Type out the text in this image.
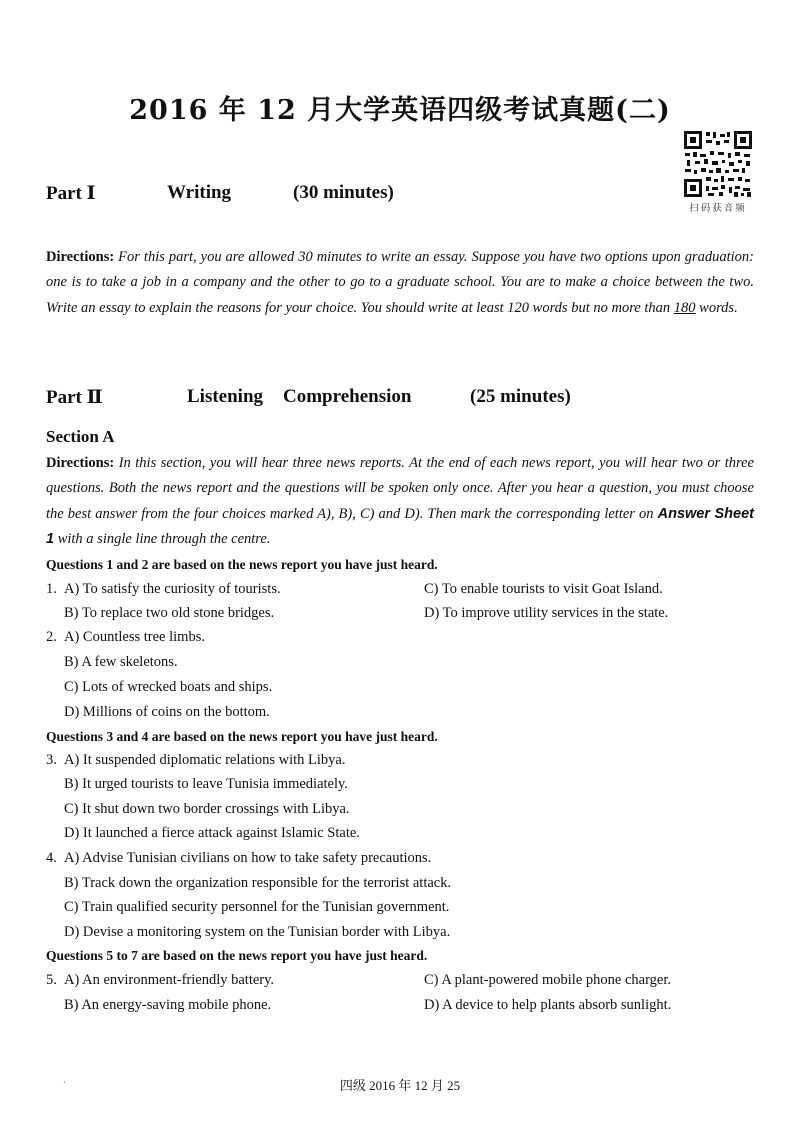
2016 年 12 月大学英语四级考试真题(二)
扫码获音频
Part Ⅰ	Writing	(30 minutes)
Directions: For this part, you are allowed 30 minutes to write an essay. Suppose you have two options upon graduation: one is to take a job in a company and the other to go to a graduate school. You are to make a choice between the two. Write an essay to explain the reasons for your choice. You should write at least 120 words but no more than 180 words.
Part Ⅱ	Listening Comprehension	(25 minutes)
Section A
Directions: In this section, you will hear three news reports. At the end of each news report, you will hear two or three questions. Both the news report and the questions will be spoken only once. After you hear a question, you must choose the best answer from the four choices marked A), B), C) and D). Then mark the corresponding letter on Answer Sheet 1 with a single line through the centre.
Questions 1 and 2 are based on the news report you have just heard.
1. A) To satisfy the curiosity of tourists.	C) To enable tourists to visit Goat Island.
B) To replace two old stone bridges.	D) To improve utility services in the state.
2. A) Countless tree limbs.
B) A few skeletons.
C) Lots of wrecked boats and ships.
D) Millions of coins on the bottom.
Questions 3 and 4 are based on the news report you have just heard.
3. A) It suspended diplomatic relations with Libya.
B) It urged tourists to leave Tunisia immediately.
C) It shut down two border crossings with Libya.
D) It launched a fierce attack against Islamic State.
4. A) Advise Tunisian civilians on how to take safety precautions.
B) Track down the organization responsible for the terrorist attack.
C) Train qualified security personnel for the Tunisian government.
D) Devise a monitoring system on the Tunisian border with Libya.
Questions 5 to 7 are based on the news report you have just heard.
5. A) An environment-friendly battery.	C) A plant-powered mobile phone charger.
B) An energy-saving mobile phone.	D) A device to help plants absorb sunlight.
·	四级 2016 年 12 月 25
